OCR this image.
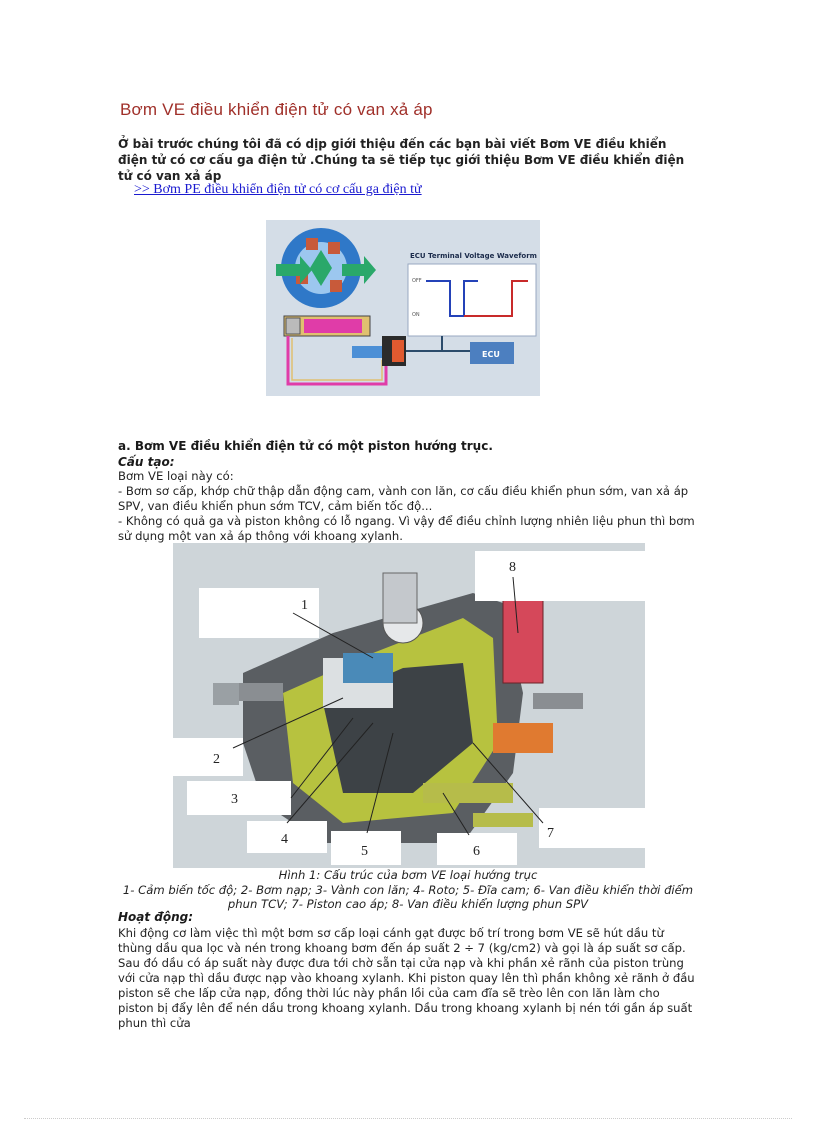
Bơm VE điều khiển điện tử có van xả áp
Ở bài trước chúng tôi đã có dịp giới thiệu đến các bạn bài viết Bơm VE điều khiển điện tử có cơ cấu ga điện tử .Chúng ta sẽ tiếp tục giới thiệu Bơm VE điều khiển điện tử có van xả áp
>> Bơm PE điều khiển điện tử có cơ cấu ga điện tử
ECU Terminal Voltage Waveform
OFF
ON
ECU
a. Bơm VE điều khiển điện tử có một piston hướng trục.
Cấu tạo:
Bơm VE loại này có:
- Bơm sơ cấp, khớp chữ thập dẫn động cam, vành con lăn, cơ cấu điều khiển phun sớm, van xả áp SPV, van điều khiển phun sớm TCV, cảm biến tốc độ...
- Không có quả ga và piston không có lỗ ngang. Vì vậy để điều chỉnh lượng nhiên liệu phun thì bơm sử dụng một van xả áp thông với khoang xylanh.
1
2
3
4
5	6
7
8
Hình 1: Cấu trúc của bơm VE loại hướng trục
1- Cảm biến tốc độ; 2- Bơm nạp; 3- Vành con lăn; 4- Roto; 5- Đĩa cam; 6- Van điều khiển thời điểm phun TCV; 7- Piston cao áp; 8- Van điều khiển lượng phun SPV
Hoạt động:
Khi động cơ làm việc thì một bơm sơ cấp loại cánh gạt được bố trí trong bơm VE sẽ hút dầu từ thùng dầu qua lọc và nén trong khoang bơm đến áp suất 2 ÷ 7 (kg/cm2) và gọi là áp suất sơ cấp. Sau đó dầu có áp suất này được đưa tới chờ sẵn tại cửa nạp và khi phần xẻ rãnh của piston trùng với cửa nạp thì dầu được nạp vào khoang xylanh. Khi piston quay lên thì phần không xẻ rãnh ở đầu piston sẽ che lấp cửa nạp, đồng thời lúc này phần lồi của cam đĩa sẽ trèo lên con lăn làm cho piston bị đẩy lên để nén dầu trong khoang xylanh. Dầu trong khoang xylanh bị nén tới gần áp suất phun thì cửa
